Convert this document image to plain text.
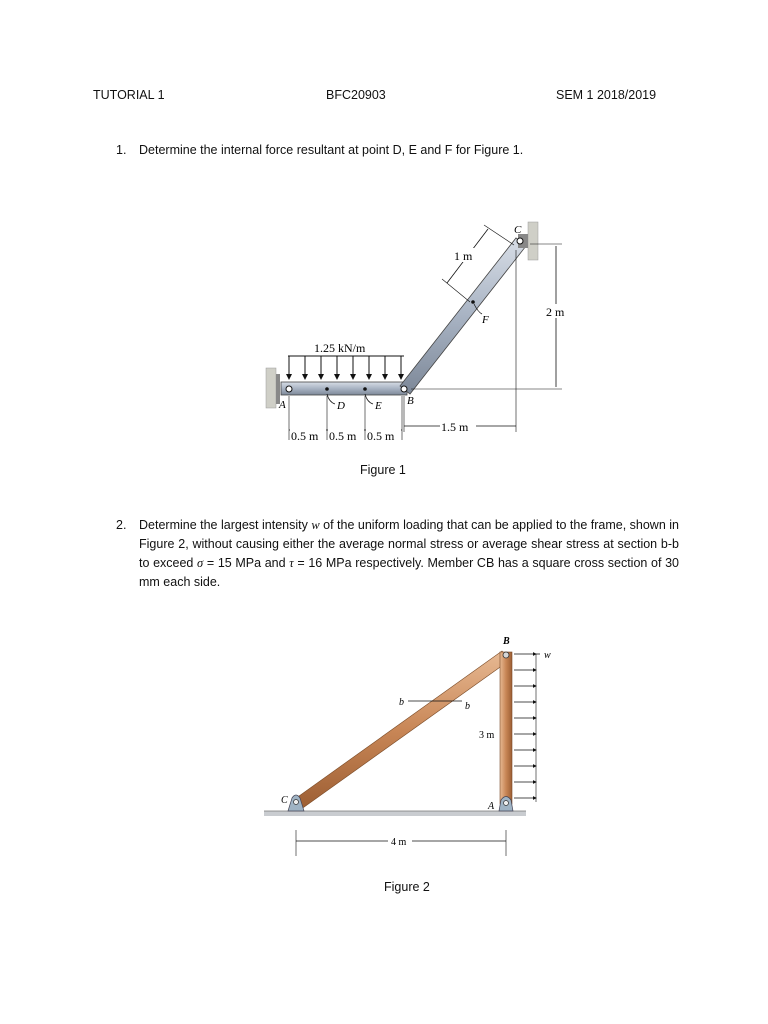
TUTORIAL 1	BFC20903	SEM 1 2018/2019
1. Determine the internal force resultant at point D, E and F for Figure 1.
1.25 kN/m
A	B
C
D	E
F
1 m
2 m
1.5 m
0.5 m 0.5 m 0.5 m
Figure 1
2. Determine the largest intensity w of the uniform loading that can be applied to the frame, shown in Figure 2, without causing either the average normal stress or average shear stress at section b-b to exceed σ = 15 MPa and τ = 16 MPa respectively. Member CB has a square cross section of 30 mm each side.
B
C
A
b	b
w
3 m
4 m
Figure 2
